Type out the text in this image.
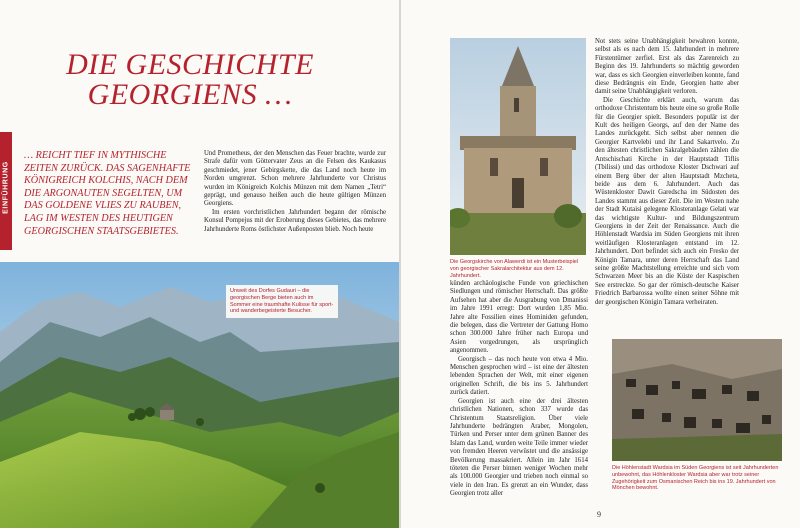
DIE GESCHICHTE
GEORGIENS …
EINFÜHRUNG
… REICHT TIEF IN MYTHISCHE ZEITEN ZURÜCK. DAS SAGENHAFTE KÖNIGREICH KOLCHIS, NACH DEM DIE ARGONAUTEN SEGELTEN, UM DAS GOLDENE VLIES ZU RAUBEN, LAG IM WESTEN DES HEUTIGEN GEORGISCHEN STAATSGEBIETES.

Und Prometheus, der den Menschen das Feuer brachte, wurde zur Strafe dafür vom Göttervater Zeus an die Felsen des Kaukasus geschmiedet, jener Gebirgskette, die das Land noch heute im Norden umgrenzt. Schon mehrere Jahrhunderte vor Christus wurden im Königreich Kolchis Münzen mit dem Namen „Tetri“ geprägt, und genauso heißen auch die heute gültigen Münzen Georgiens.

Im ersten vorchristlichen Jahrhundert begann der römische Konsul Pompejus mit der Eroberung dieses Gebietes, das mehrere Jahrhunderte Roms östlichster Außenposten blieb. Noch heute

Unweit des Dorfes Gudauri – die georgischen Berge bieten auch im Sommer eine traumhafte Kulisse für sport- und wanderbegeisterte Besucher.
Die Georgskirche von Alawerdi ist ein Musterbeispiel von georgischer Sakralarchitektur aus dem 12. Jahrhundert.

Not stets seine Unabhängigkeit bewahren konnte, selbst als es nach dem 15. Jahrhundert in mehrere Fürstentümer zerfiel. Erst als das Zarenreich zu Beginn des 19. Jahrhunderts so mächtig geworden war, dass es sich Georgien einverleiben konnte, fand diese Bedrängnis ein Ende, Georgien hatte aber damit seine Unabhängigkeit verloren.

Die Geschichte erklärt auch, warum das orthodoxe Christentum bis heute eine so große Rolle für die Georgier spielt. Besonders populär ist der Kult des heiligen Georgs, auf den der Name des Landes zurückgeht. Sich selbst aber nennen die Georgier Kartvelebi und ihr Land Sakartvelo. Zu den ältesten christlichen Sakralgebäuden zählen die Antschischati Kirche in der Hauptstadt Tiflis (Tbilissi) und das orthodoxe Kloster Dschwari auf einem Berg über der alten Hauptstadt Mzcheta, beide aus dem 6. Jahrhundert. Auch das Wüstenkloster Dawit Garedscha im Südosten des Landes stammt aus dieser Zeit. Die im Westen nahe der Stadt Kutaisi gelegene Klosteranlage Gelati war das wichtigste Kultur- und Bildungszentrum Georgiens in der Zeit der Renaissance. Auch die Höhlenstadt Wardsia im Süden Georgiens mit ihren weitläufigen Klosteranlagen entstand im 12. Jahrhundert. Dort befindet sich auch ein Fresko der Königin Tamara, unter deren Herrschaft das Land seine größte Machtstellung erreichte und sich vom Schwarzen Meer bis an die Küste der Kaspischen See erstreckte. So gar der römisch-deutsche Kaiser Friedrich Barbarossa wollte einen seiner Söhne mit der georgischen Königin Tamara verheiraten.

künden archäologische Funde von griechischen Siedlungen und römischer Herrschaft. Das größte Aufsehen hat aber die Ausgrabung von Dmanissi im Jahre 1991 erregt: Dort wurden 1,85 Mio. Jahre alte Fossilien eines Hominiden gefunden, die belegen, dass die Vertreter der Gattung Homo schon 300.000 Jahre früher nach Europa und Asien vorgedrungen, als ursprünglich angenommen.

Georgisch – das noch heute von etwa 4 Mio. Menschen gesprochen wird – ist eine der ältesten lebenden Sprachen der Welt, mit einer eigenen originellen Schrift, die bis ins 5. Jahrhundert zurück datiert.

Georgien ist auch eine der drei ältesten christlichen Nationen, schon 337 wurde das Christentum Staatsreligion. Über viele Jahrhunderte bedrängten Araber, Mongolen, Türken und Perser unter dem grünen Banner des Islam das Land, wurden weite Teile immer wieder von fremden Heeren verwüstet und die ansässige Bevölkerung massakriert. Allein im Jahr 1614 töteten die Perser binnen weniger Wochen mehr als 100.000 Georgier und trieben noch einmal so viele in den Iran. Es grenzt an ein Wunder, dass Georgien trotz aller

Die Höhlenstadt Wardsia im Süden Georgiens ist seit Jahrhunderten unbewohnt, das Höhlenkloster Wardsia aber war trotz seiner Zugehörigkeit zum Osmanischen Reich bis ins 19. Jahrhundert von Mönchen bewohnt.
9
